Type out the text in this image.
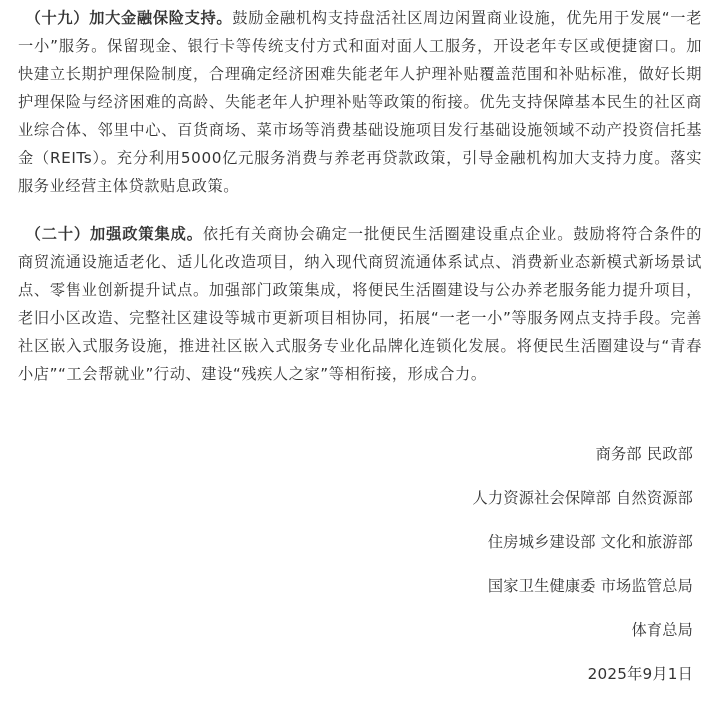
（十九）加大金融保险支持。鼓励金融机构支持盘活社区周边闲置商业设施，优先用于发展“一老一小”服务。保留现金、银行卡等传统支付方式和面对面人工服务，开设老年专区或便捷窗口。加快建立长期护理保险制度，合理确定经济困难失能老年人护理补贴覆盖范围和补贴标准，做好长期护理保险与经济困难的高龄、失能老年人护理补贴等政策的衔接。优先支持保障基本民生的社区商业综合体、邻里中心、百货商场、菜市场等消费基础设施项目发行基础设施领域不动产投资信托基金（REITs）。充分利用5000亿元服务消费与养老再贷款政策，引导金融机构加大支持力度。落实服务业经营主体贷款贴息政策。

（二十）加强政策集成。依托有关商协会确定一批便民生活圈建设重点企业。鼓励将符合条件的商贸流通设施适老化、适儿化改造项目，纳入现代商贸流通体系试点、消费新业态新模式新场景试点、零售业创新提升试点。加强部门政策集成，将便民生活圈建设与公办养老服务能力提升项目，老旧小区改造、完整社区建设等城市更新项目相协同，拓展“一老一小”等服务网点支持手段。完善社区嵌入式服务设施，推进社区嵌入式服务专业化品牌化连锁化发展。将便民生活圈建设与“青春小店”“工会帮就业”行动、建设“残疾人之家”等相衔接，形成合力。

商务部 民政部
人力资源社会保障部 自然资源部
住房城乡建设部 文化和旅游部
国家卫生健康委 市场监管总局
体育总局
2025年9月1日
